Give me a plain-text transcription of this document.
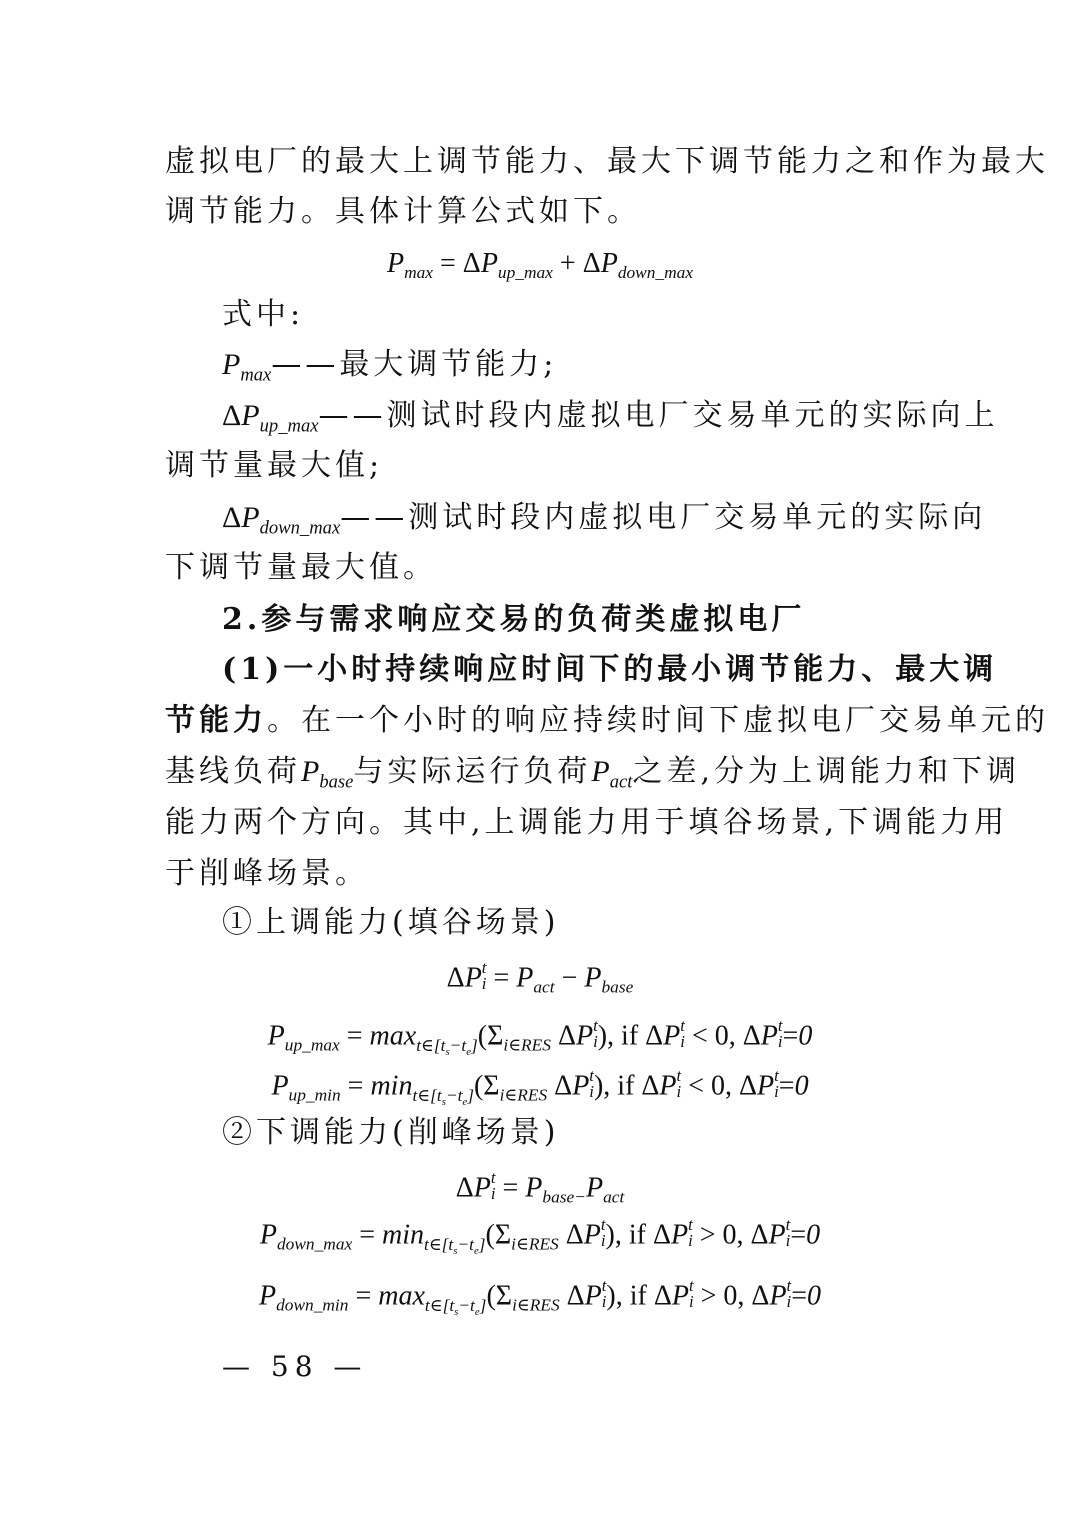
虚拟电厂的最大上调节能力、最大下调节能力之和作为最大
调节能力。具体计算公式如下。
$P_{max} = \Delta P_{up\_max} + \Delta P_{down\_max}$
式中:
$P_{max}——$最大调节能力;
$\Delta P_{up\_max}——$测试时段内虚拟电厂交易单元的实际向上
调节量最大值;
$\Delta P_{down\_max}——$测试时段内虚拟电厂交易单元的实际向
下调节量最大值。
2.参与需求响应交易的负荷类虚拟电厂
(1)一小时持续响应时间下的最小调节能力、最大调
节能力。在一个小时的响应持续时间下虚拟电厂交易单元的
基线负荷$P_{base}$与实际运行负荷$P_{act}$之差,分为上调能力和下调
能力两个方向。其中,上调能力用于填谷场景,下调能力用
于削峰场景。
①上调能力(填谷场景)
ΔP t
$i = P_{act} - P_{base}$
$P_{up\_max} = \max_{t\in[t_s-t_e]}(\Sigma_{i\in RES}$ ΔP t
i ), if ΔP t
i < 0, ΔP t
i =0
$P_{up\_min} = \min_{t\in[t_s-t_e]}(\Sigma_{i\in RES}$ ΔP t
i ), if ΔP t
i < 0, ΔP t
i =0
②下调能力(削峰场景)
ΔP t
$i = P_{base-}P_{act}$
$P_{down\_max} = \min_{t\in[t_s-t_e]}(\Sigma_{i\in RES}$ ΔP t
i ), if ΔP t
i > 0, ΔP t
i =0
$P_{down\_min} = \max_{t\in[t_s-t_e]}(\Sigma_{i\in RES}$ ΔP t
i ), if ΔP t
i > 0, ΔP t
i =0
— 58 —
